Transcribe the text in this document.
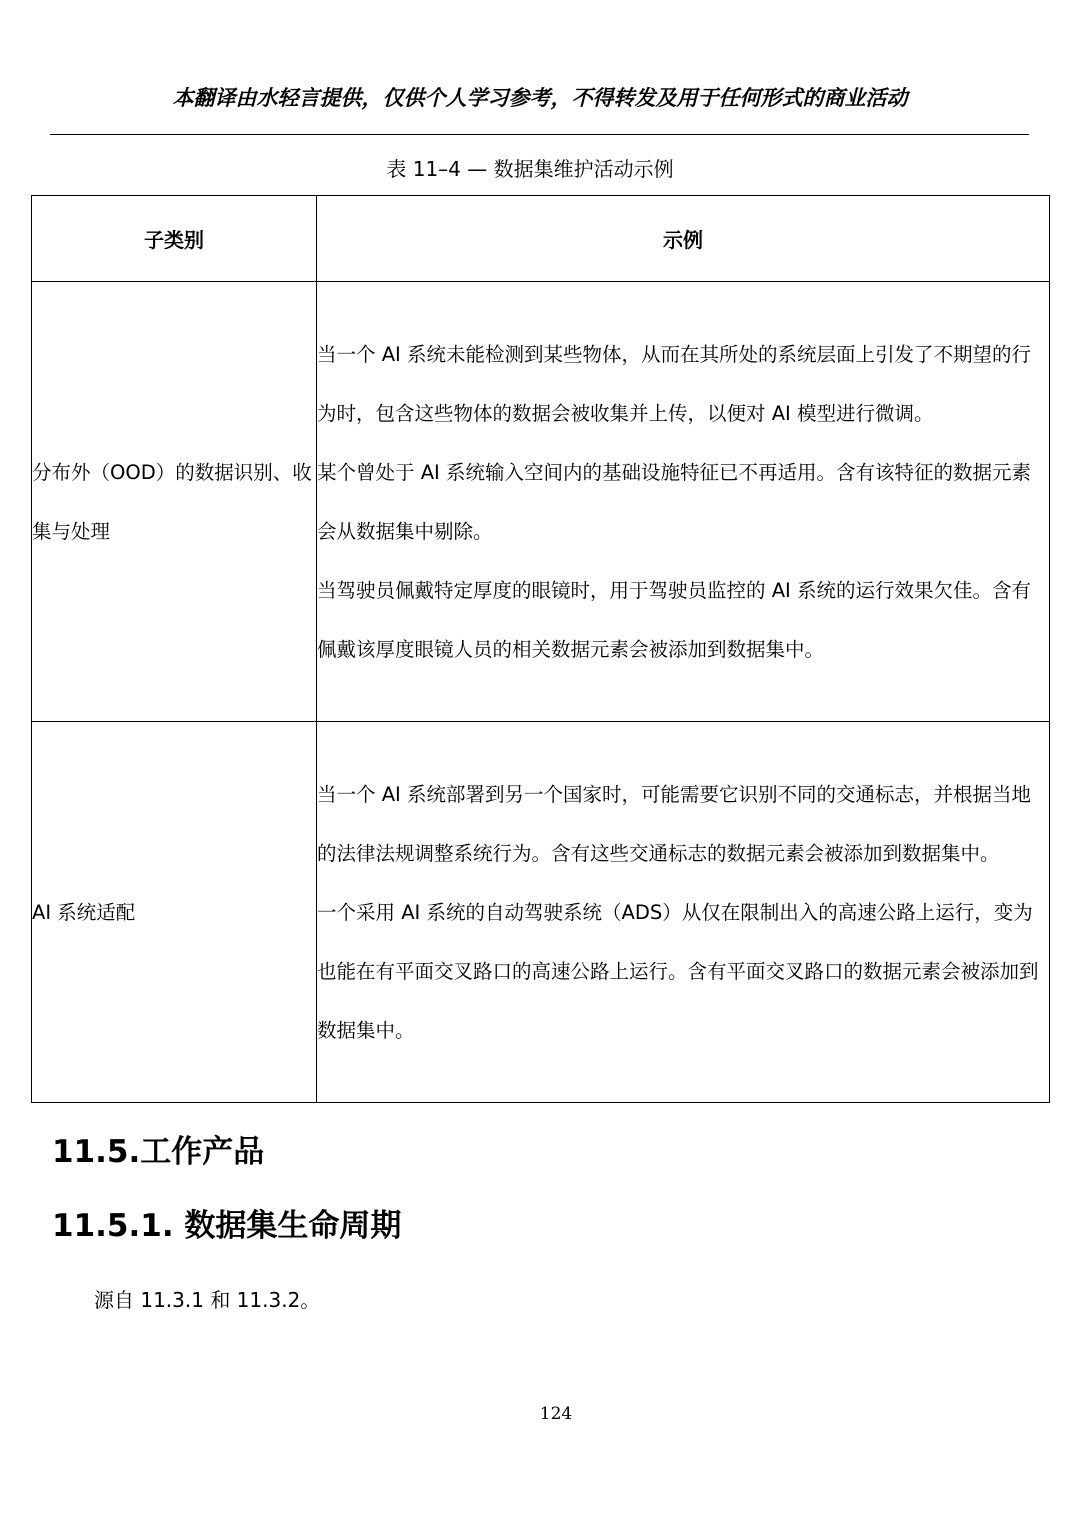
本翻译由水轻言提供，仅供个人学习参考，不得转发及用于任何形式的商业活动
表 11–4 — 数据集维护活动示例
子类别	示例
分布外（OOD）的数据识别、收集与处理	当一个 AI 系统未能检测到某些物体，从而在其所处的系统层面上引发了不期望的行为时，包含这些物体的数据会被收集并上传，以便对 AI 模型进行微调。

某个曾处于 AI 系统输入空间内的基础设施特征已不再适用。含有该特征的数据元素会从数据集中剔除。

当驾驶员佩戴特定厚度的眼镜时，用于驾驶员监控的 AI 系统的运行效果欠佳。含有佩戴该厚度眼镜人员的相关数据元素会被添加到数据集中。

AI 系统适配	当一个 AI 系统部署到另一个国家时，可能需要它识别不同的交通标志，并根据当地的法律法规调整系统行为。含有这些交通标志的数据元素会被添加到数据集中。

一个采用 AI 系统的自动驾驶系统（ADS）从仅在限制出入的高速公路上运行，变为也能在有平面交叉路口的高速公路上运行。含有平面交叉路口的数据元素会被添加到数据集中。

11.5.工作产品
11.5.1. 数据集生命周期
源自 11.3.1 和 11.3.2。
124
